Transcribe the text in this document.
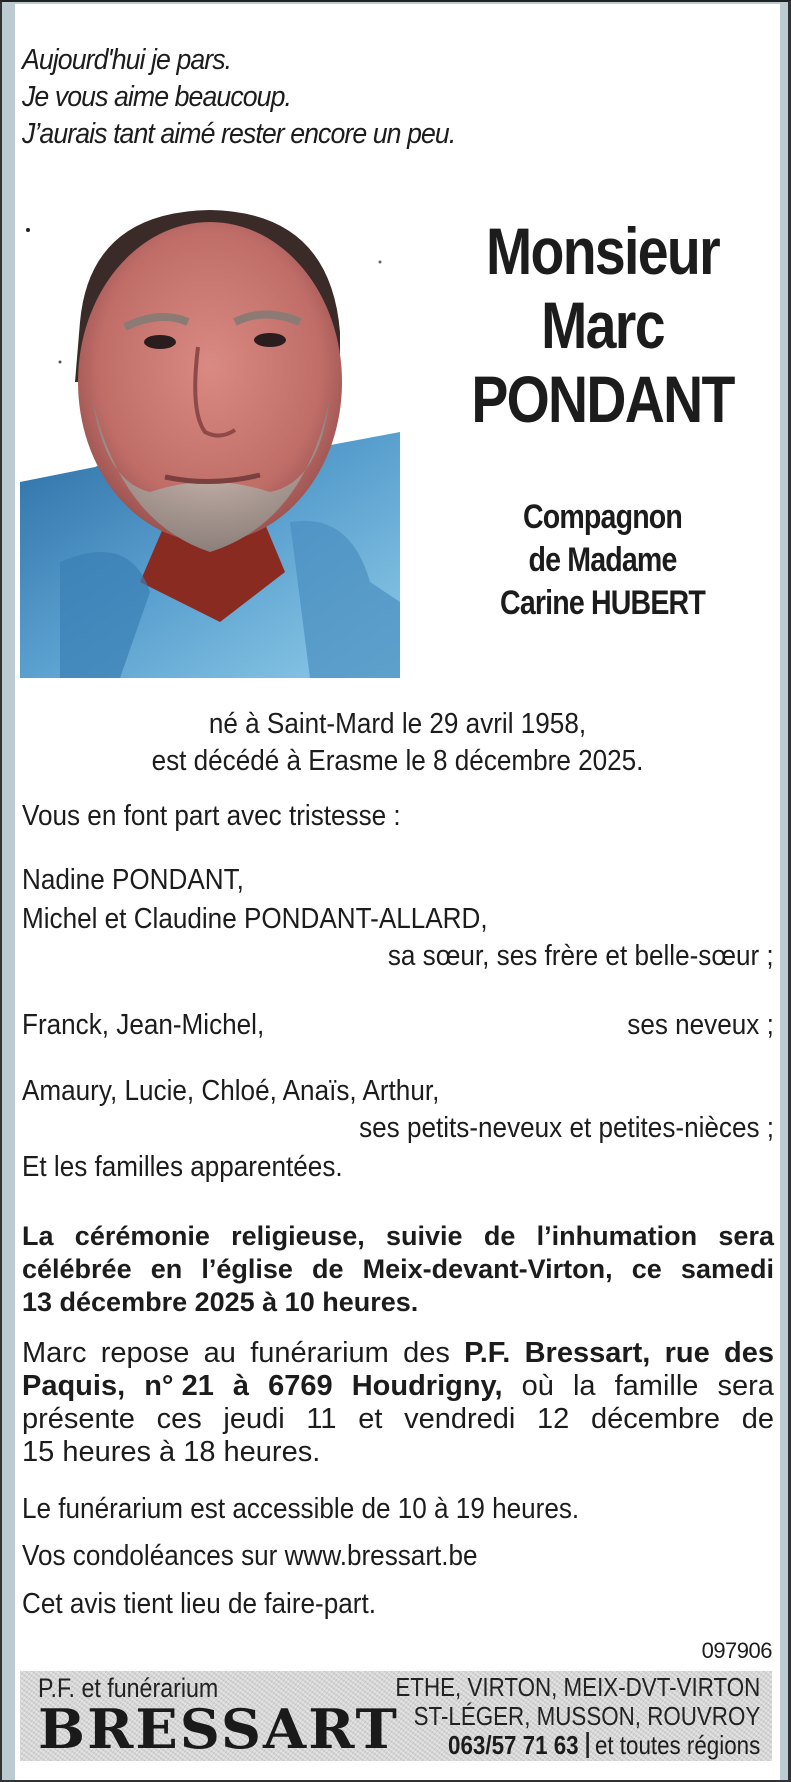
Aujourd'hui je pars.
Je vous aime beaucoup.
J’aurais tant aimé rester encore un peu.
Monsieur
Marc
PONDANT
Compagnon
de Madame
Carine HUBERT
né à Saint-Mard le 29 avril 1958,
est décédé à Erasme le 8 décembre 2025.
Vous en font part avec tristesse :
Nadine PONDANT,
Michel et Claudine PONDANT-ALLARD,
sa sœur, ses frère et belle-sœur ;
Franck, Jean-Michel,	ses neveux ;
Amaury, Lucie, Chloé, Anaïs, Arthur,
ses petits-neveux et petites-nièces ;
Et les familles apparentées.
La cérémonie religieuse, suivie de l’inhumation sera
célébrée en l’église de Meix-devant-Virton, ce samedi
13 décembre 2025 à 10 heures.
Marc repose au funérarium des P.F. Bressart, rue des
Paquis, n° 21 à 6769 Houdrigny, où la famille sera
présente ces jeudi 11 et vendredi 12 décembre de
15 heures à 18 heures.
Le funérarium est accessible de 10 à 19 heures.
Vos condoléances sur www.bressart.be
Cet avis tient lieu de faire-part.
097906
P.F. et funérarium
BRESSART
ETHE, VIRTON, MEIX-DVT-VIRTON
ST-LÉGER, MUSSON, ROUVROY
063/57 71 63 et toutes régions
